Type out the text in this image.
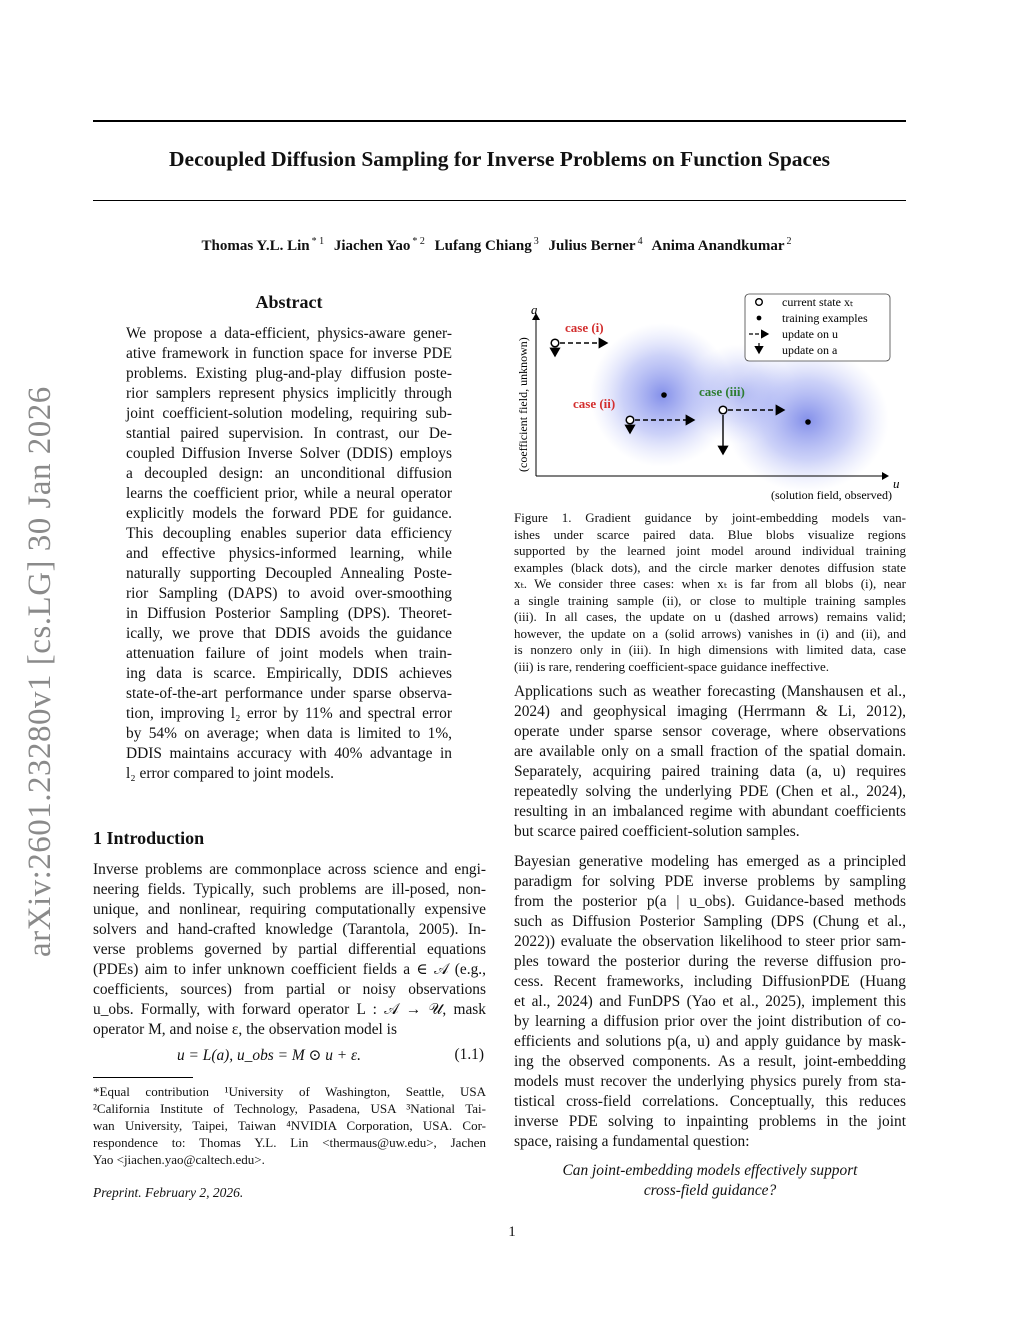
Decoupled Diffusion Sampling for Inverse Problems on Function Spaces
Thomas Y.L. Lin $^{* 1}$ Jiachen Yao $^{* 2}$ Lufang Chiang $^3$ Julius Berner $^4$ Anima Anandkumar $^2$
arXiv:2601.23280v1 [cs.LG] 30 Jan 2026
Abstract
We propose a data-efficient, physics-aware gener-
ative framework in function space for inverse PDE
problems. Existing plug-and-play diffusion poste-
rior samplers represent physics implicitly through
joint coefficient-solution modeling, requiring sub-
stantial paired supervision. In contrast, our De-
coupled Diffusion Inverse Solver (DDIS) employs
a decoupled design: an unconditional diffusion
learns the coefficient prior, while a neural operator
explicitly models the forward PDE for guidance.
This decoupling enables superior data efficiency
and effective physics-informed learning, while
naturally supporting Decoupled Annealing Poste-
rior Sampling (DAPS) to avoid over-smoothing
in Diffusion Posterior Sampling (DPS). Theoret-
ically, we prove that DDIS avoids the guidance
attenuation failure of joint models when train-
ing data is scarce. Empirically, DDIS achieves
state-of-the-art performance under sparse observa-
tion, improving l₂ error by 11% and spectral error
by 54% on average; when data is limited to 1%,
DDIS maintains accuracy with 40% advantage in
l₂ error compared to joint models.
1 Introduction
Inverse problems are commonplace across science and engi-
neering fields. Typically, such problems are ill-posed, non-
unique, and nonlinear, requiring computationally expensive
solvers and hand-crafted knowledge (Tarantola, 2005). In-
verse problems governed by partial differential equations
(PDEs) aim to infer unknown coefficient fields a ∈ 𝒜 (e.g.,
coefficients, sources) from partial or noisy observations
u_obs. Formally, with forward operator L : 𝒜 → 𝒰, mask
operator M, and noise ε, the observation model is
u = L(a), u_obs = M ⊙ u + ε.	(1.1)
*Equal contribution ¹University of Washington, Seattle, USA
²California Institute of Technology, Pasadena, USA ³National Tai-
wan University, Taipei, Taiwan ⁴NVIDIA Corporation, USA. Cor-
respondence to: Thomas Y.L. Lin <thermaus@uw.edu>, Jachen
Yao <jiachen.yao@caltech.edu>.
Preprint. February 2, 2026.
a
u
(coefficient field, unknown)
(solution field, observed)
case (i)
case (ii)
case (iii)
current state xₜ
training examples
update on u
update on a
Figure 1. Gradient guidance by joint-embedding models van-
ishes under scarce paired data. Blue blobs visualize regions
supported by the learned joint model around individual training
examples (black dots), and the circle marker denotes diffusion state
xₜ. We consider three cases: when xₜ is far from all blobs (i), near
a single training sample (ii), or close to multiple training samples
(iii). In all cases, the update on u (dashed arrows) remains valid;
however, the update on a (solid arrows) vanishes in (i) and (ii), and
is nonzero only in (iii). In high dimensions with limited data, case
(iii) is rare, rendering coefficient-space guidance ineffective.
Applications such as weather forecasting (Manshausen et al.,
2024) and geophysical imaging (Herrmann & Li, 2012),
operate under sparse sensor coverage, where observations
are available only on a small fraction of the spatial domain.
Separately, acquiring paired training data (a, u) requires
repeatedly solving the underlying PDE (Chen et al., 2024),
resulting in an imbalanced regime with abundant coefficients
but scarce paired coefficient-solution samples.
Bayesian generative modeling has emerged as a principled
paradigm for solving PDE inverse problems by sampling
from the posterior p(a | u_obs). Guidance-based methods
such as Diffusion Posterior Sampling (DPS (Chung et al.,
2022)) evaluate the observation likelihood to steer prior sam-
ples toward the posterior during the reverse diffusion pro-
cess. Recent frameworks, including DiffusionPDE (Huang
et al., 2024) and FunDPS (Yao et al., 2025), implement this
by learning a diffusion prior over the joint distribution of co-
efficients and solutions p(a, u) and apply guidance by mask-
ing the observed components. As a result, joint-embedding
models must recover the underlying physics purely from sta-
tistical cross-field correlations. Conceptually, this reduces
inverse PDE solving to inpainting problems in the joint
space, raising a fundamental question:
Can joint-embedding models effectively support
cross-field guidance?
1
